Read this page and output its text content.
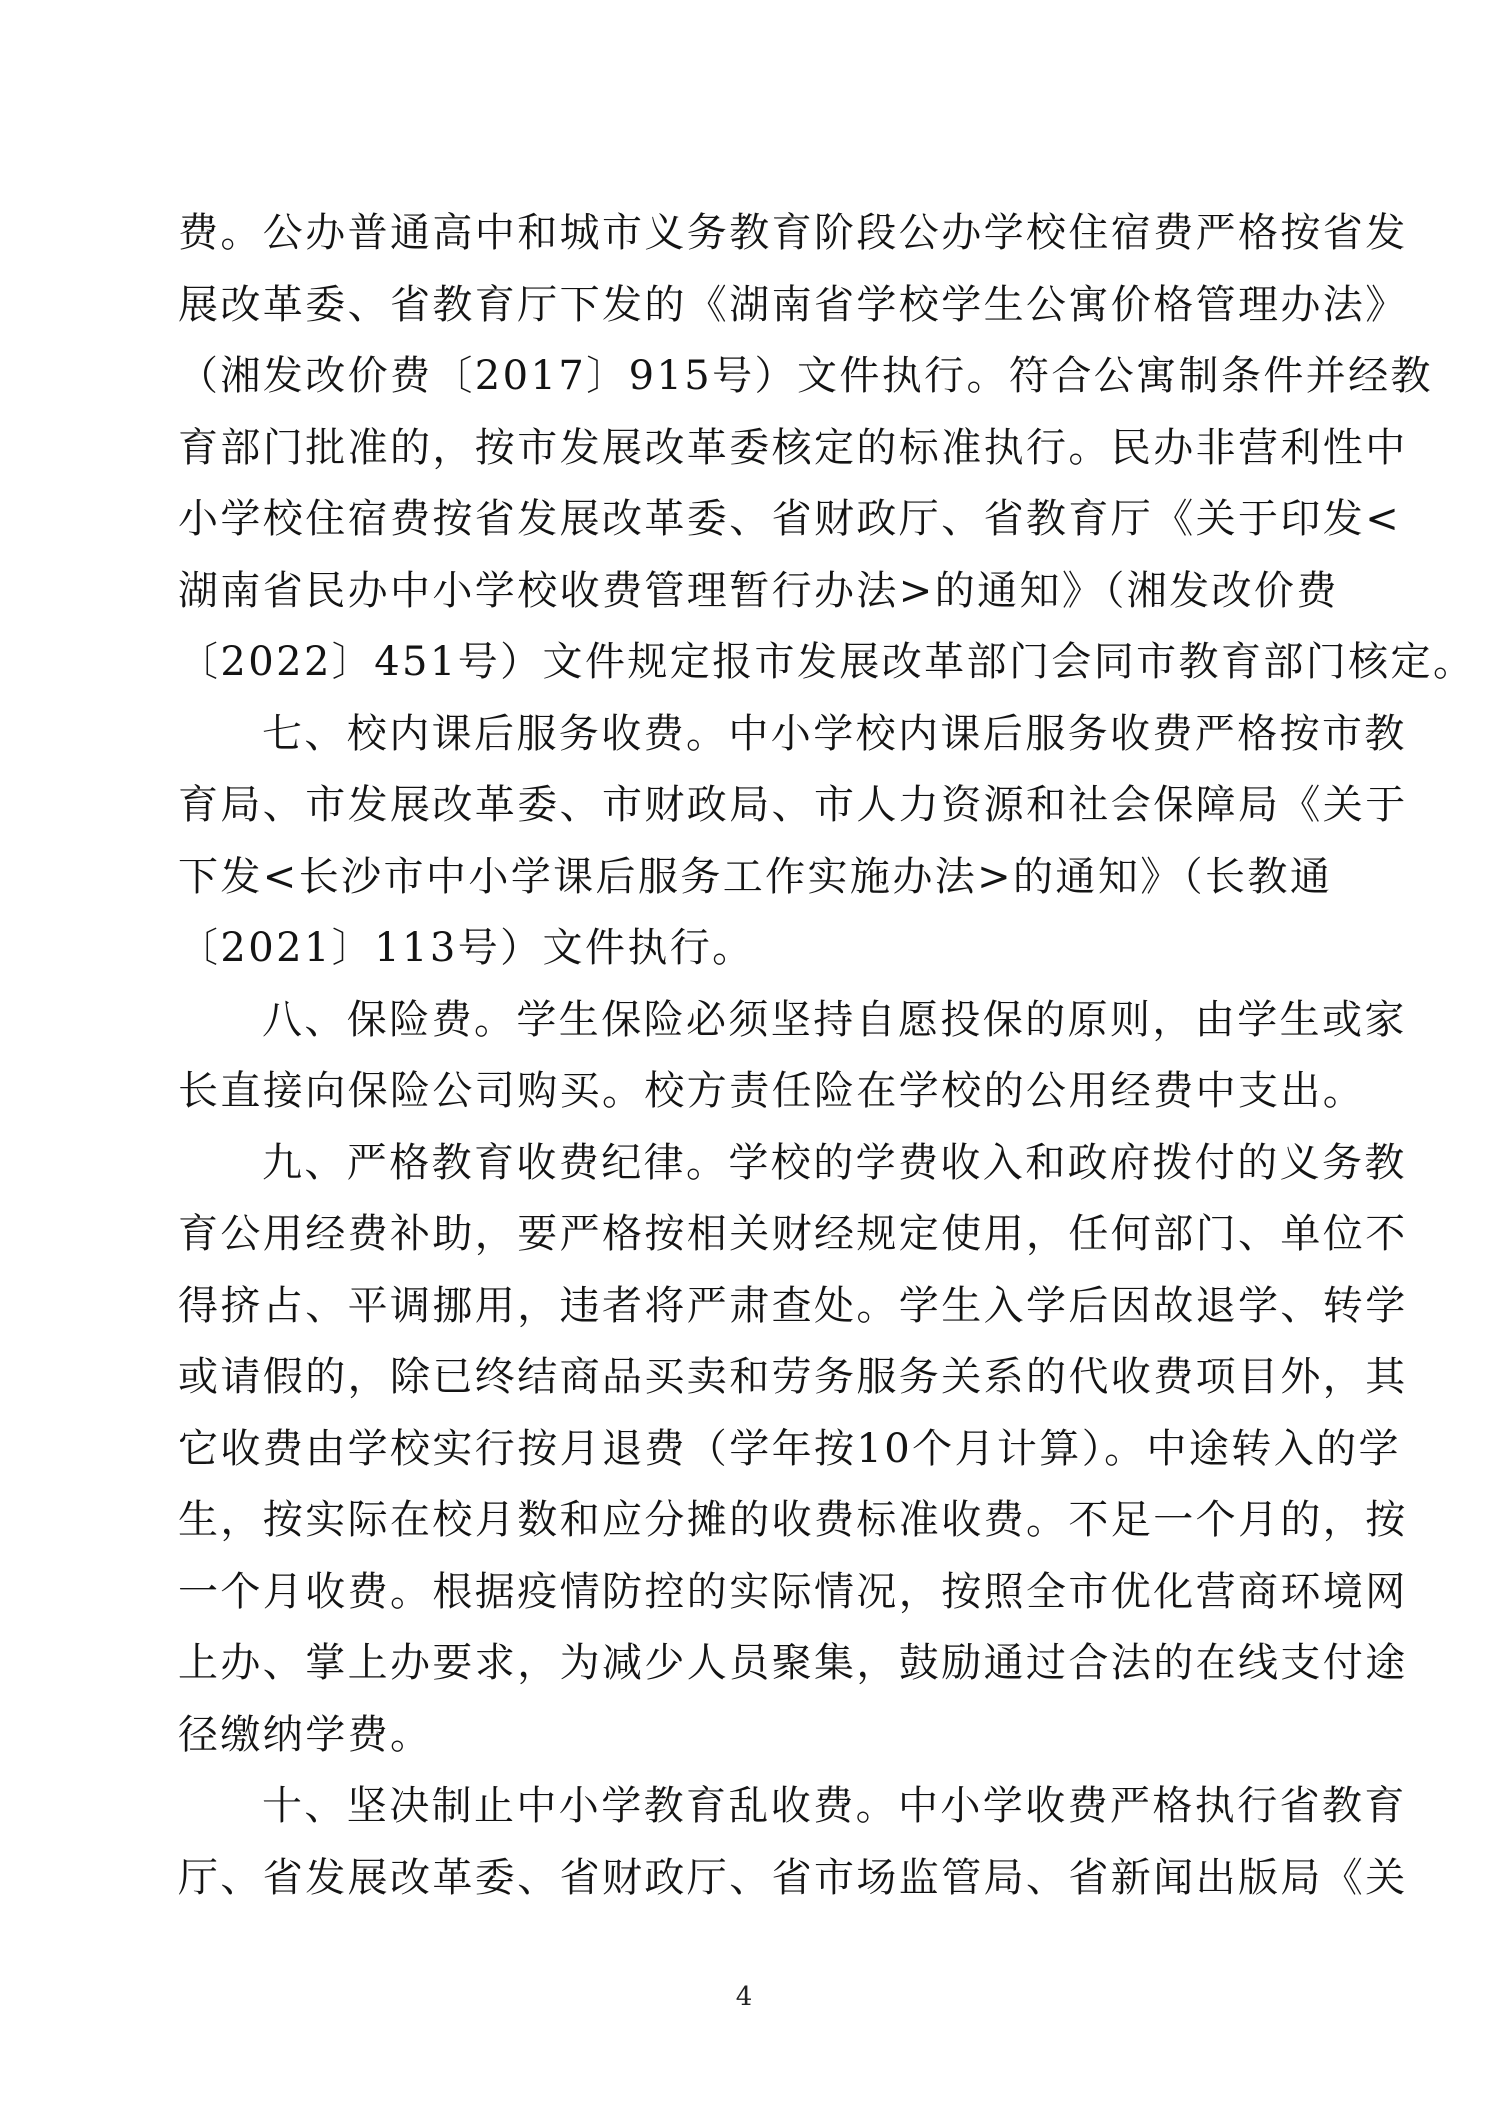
费。公办普通高中和城市义务教育阶段公办学校住宿费严格按省发
展改革委、省教育厅下发的《湖南省学校学生公寓价格管理办法》
（湘发改价费〔2017〕915号）文件执行。符合公寓制条件并经教
育部门批准的，按市发展改革委核定的标准执行。民办非营利性中
小学校住宿费按省发展改革委、省财政厅、省教育厅《关于印发<
湖南省民办中小学校收费管理暂行办法>的通知》（湘发改价费
〔2022〕451号）文件规定报市发展改革部门会同市教育部门核定。

七、校内课后服务收费。中小学校内课后服务收费严格按市教
育局、市发展改革委、市财政局、市人力资源和社会保障局《关于
下发<长沙市中小学课后服务工作实施办法>的通知》（长教通
〔2021〕113号）文件执行。

八、保险费。学生保险必须坚持自愿投保的原则，由学生或家
长直接向保险公司购买。校方责任险在学校的公用经费中支出。

九、严格教育收费纪律。学校的学费收入和政府拨付的义务教
育公用经费补助，要严格按相关财经规定使用，任何部门、单位不
得挤占、平调挪用，违者将严肃查处。学生入学后因故退学、转学
或请假的，除已终结商品买卖和劳务服务关系的代收费项目外，其
它收费由学校实行按月退费（学年按10个月计算）。中途转入的学
生，按实际在校月数和应分摊的收费标准收费。不足一个月的，按
一个月收费。根据疫情防控的实际情况，按照全市优化营商环境网
上办、掌上办要求，为减少人员聚集，鼓励通过合法的在线支付途
径缴纳学费。

十、坚决制止中小学教育乱收费。中小学收费严格执行省教育
厅、省发展改革委、省财政厅、省市场监管局、省新闻出版局《关

4
